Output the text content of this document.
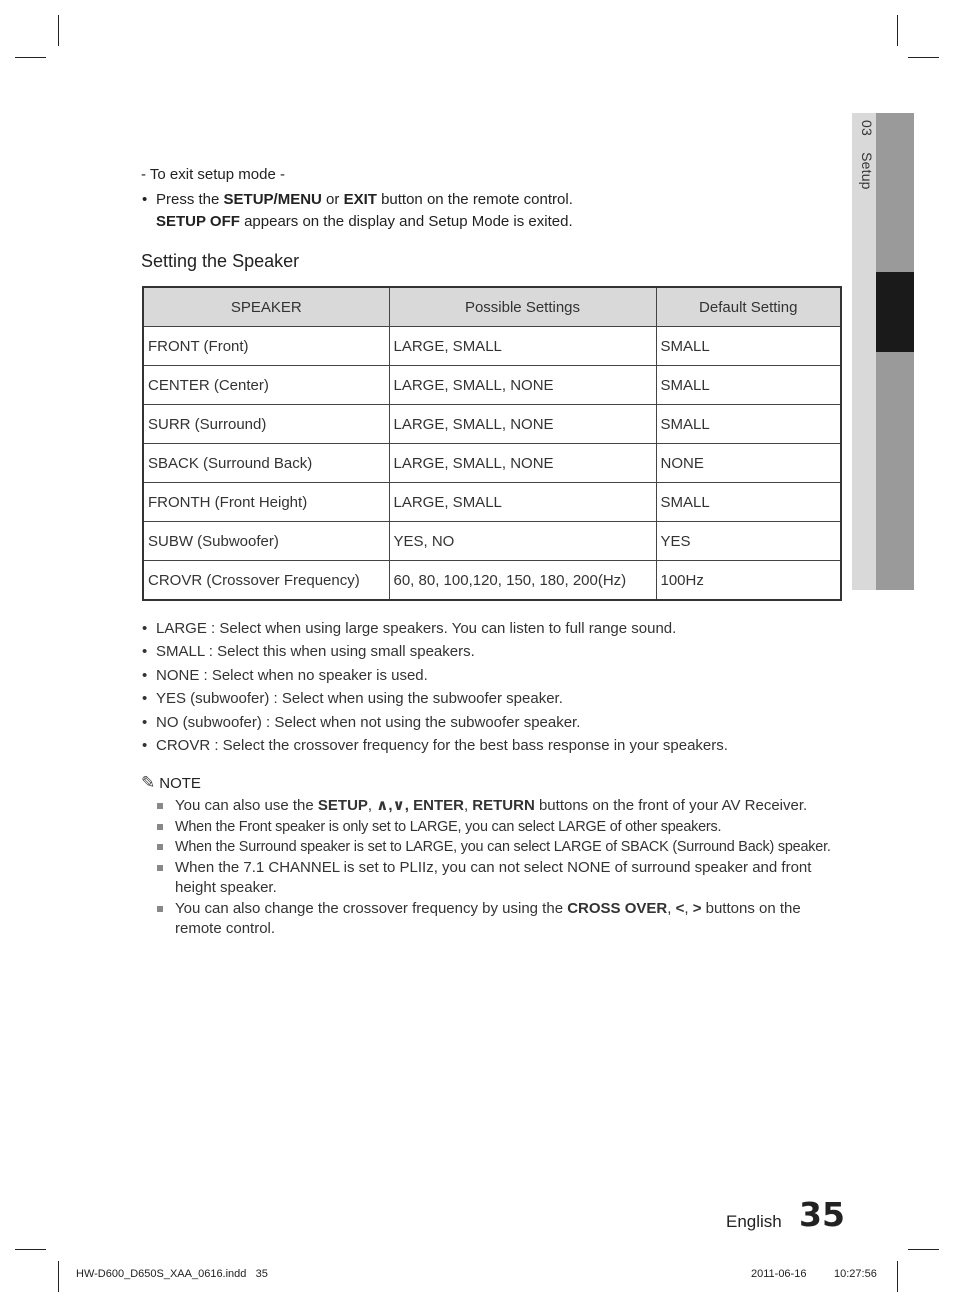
03 Setup
- To exit setup mode -
• Press the SETUP/MENU or EXIT button on the remote control.
SETUP OFF appears on the display and Setup Mode is exited.
Setting the Speaker
SPEAKER	Possible Settings	Default Setting
FRONT (Front)	LARGE, SMALL	SMALL
CENTER (Center)	LARGE, SMALL, NONE	SMALL
SURR (Surround)	LARGE, SMALL, NONE	SMALL
SBACK (Surround Back)	LARGE, SMALL, NONE	NONE
FRONTH (Front Height)	LARGE, SMALL	SMALL
SUBW (Subwoofer)	YES, NO	YES
CROVR (Crossover Frequency)	60, 80, 100,120, 150, 180, 200(Hz)	100Hz
• LARGE : Select when using large speakers. You can listen to full range sound.
• SMALL : Select this when using small speakers.
• NONE : Select when no speaker is used.
• YES (subwoofer) : Select when using the subwoofer speaker.
• NO (subwoofer) : Select when not using the subwoofer speaker.
• CROVR : Select the crossover frequency for the best bass response in your speakers.
✎ NOTE
You can also use the SETUP, ∧,∨, ENTER, RETURN buttons on the front of your AV Receiver.
When the Front speaker is only set to LARGE, you can select LARGE of other speakers.
When the Surround speaker is set to LARGE, you can select LARGE of SBACK (Surround Back) speaker.
When the 7.1 CHANNEL is set to PLIIz, you can not select NONE of surround speaker and front height speaker.
You can also change the crossover frequency by using the CROSS OVER, <, > buttons on the remote control.
English 35
HW-D600_D650S_XAA_0616.indd   35	2011-06-16	10:27:56
